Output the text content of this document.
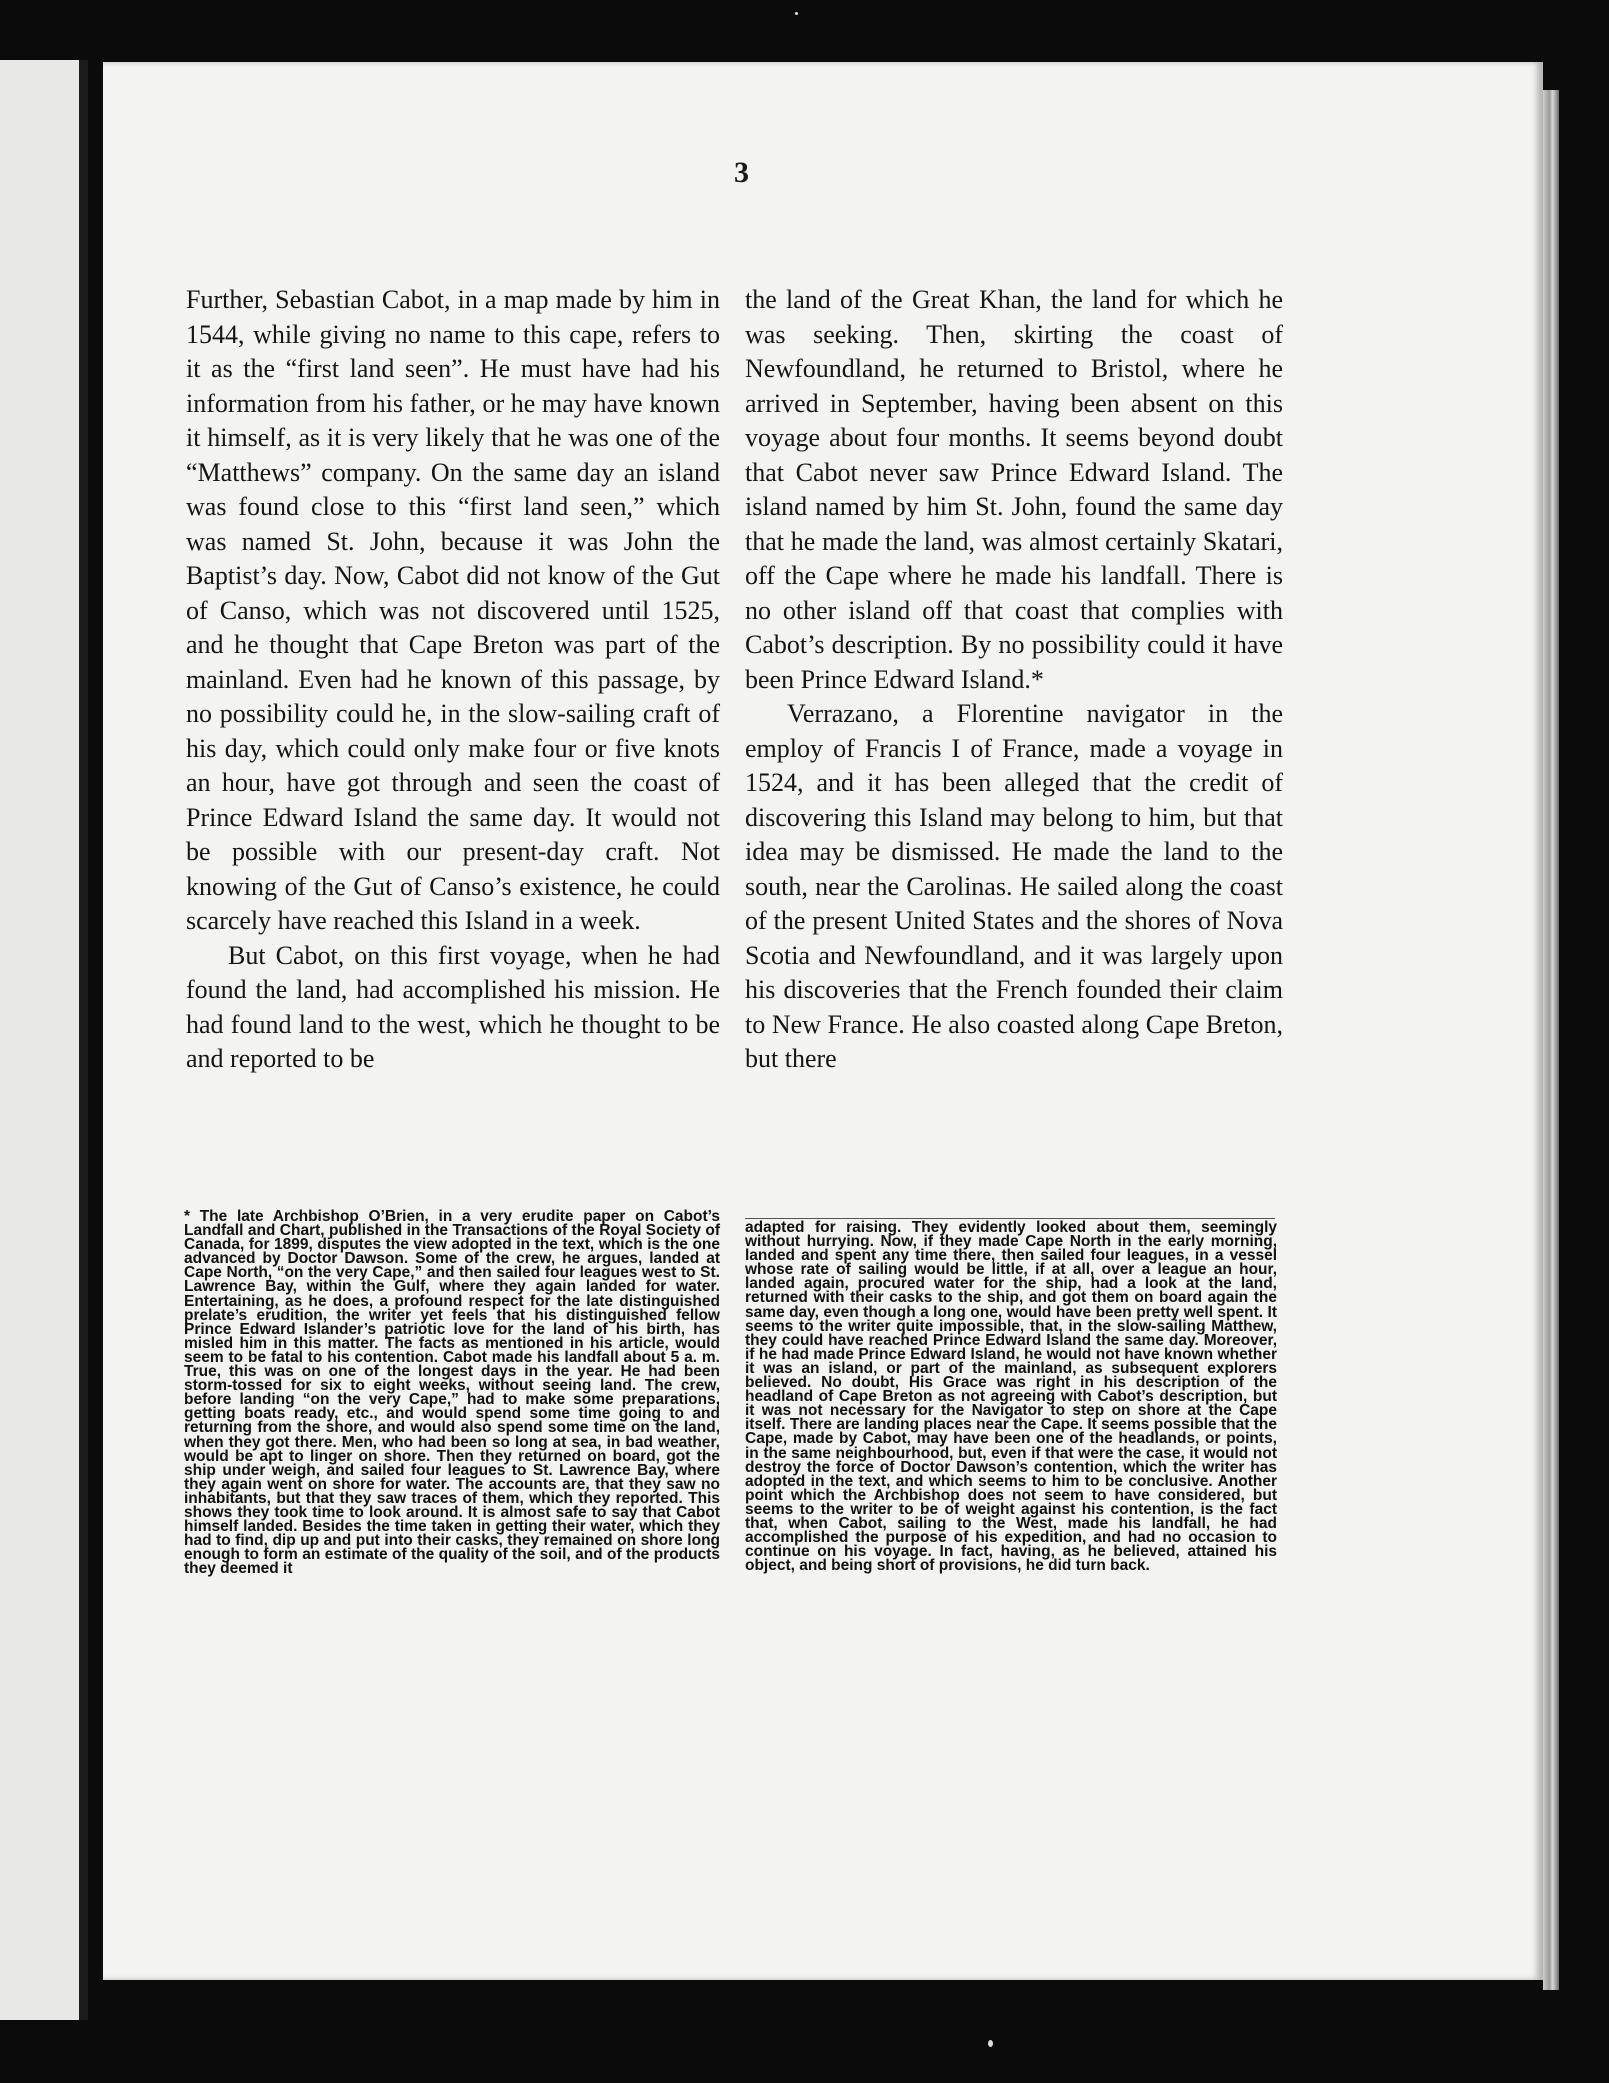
3

Further, Sebastian Cabot, in a map made by him in 1544, while giving no name to this cape, refers to it as the “first land seen”. He must have had his information from his father, or he may have known it himself, as it is very likely that he was one of the “Matthews” company. On the same day an island was found close to this “first land seen,” which was named St. John, because it was John the Baptist’s day. Now, Cabot did not know of the Gut of Canso, which was not discovered until 1525, and he thought that Cape Breton was part of the mainland. Even had he known of this passage, by no possibility could he, in the slow-sailing craft of his day, which could only make four or five knots an hour, have got through and seen the coast of Prince Edward Island the same day. It would not be possible with our present-day craft. Not knowing of the Gut of Canso’s existence, he could scarcely have reached this Island in a week.

But Cabot, on this first voyage, when he had found the land, had accomplished his mission. He had found land to the west, which he thought to be and reported to be

the land of the Great Khan, the land for which he was seeking. Then, skirting the coast of Newfoundland, he returned to Bristol, where he arrived in September, having been absent on this voyage about four months. It seems beyond doubt that Cabot never saw Prince Edward Island. The island named by him St. John, found the same day that he made the land, was almost certainly Skatari, off the Cape where he made his landfall. There is no other island off that coast that complies with Cabot’s description. By no possibility could it have been Prince Edward Island.*

Verrazano, a Florentine navigator in the employ of Francis I of France, made a voyage in 1524, and it has been alleged that the credit of discovering this Island may belong to him, but that idea may be dismissed. He made the land to the south, near the Carolinas. He sailed along the coast of the present United States and the shores of Nova Scotia and Newfoundland, and it was largely upon his discoveries that the French founded their claim to New France. He also coasted along Cape Breton, but there

* The late Archbishop O’Brien, in a very erudite paper on Cabot’s Landfall and Chart, published in the Transactions of the Royal Society of Canada, for 1899, disputes the view adopted in the text, which is the one advanced by Doctor Dawson. Some of the crew, he argues, landed at Cape North, “on the very Cape,” and then sailed four leagues west to St. Lawrence Bay, within the Gulf, where they again landed for water. Entertaining, as he does, a profound respect for the late distinguished prelate’s erudition, the writer yet feels that his distinguished fellow Prince Edward Islander’s patriotic love for the land of his birth, has misled him in this matter. The facts as mentioned in his article, would seem to be fatal to his contention. Cabot made his landfall about 5 a. m. True, this was on one of the longest days in the year. He had been storm-tossed for six to eight weeks, without seeing land. The crew, before landing “on the very Cape,” had to make some preparations, getting boats ready, etc., and would spend some time going to and returning from the shore, and would also spend some time on the land, when they got there. Men, who had been so long at sea, in bad weather, would be apt to linger on shore. Then they returned on board, got the ship under weigh, and sailed four leagues to St. Lawrence Bay, where they again went on shore for water. The accounts are, that they saw no inhabitants, but that they saw traces of them, which they reported. This shows they took time to look around. It is almost safe to say that Cabot himself landed. Besides the time taken in getting their water, which they had to find, dip up and put into their casks, they remained on shore long enough to form an estimate of the quality of the soil, and of the products they deemed it

adapted for raising. They evidently looked about them, seemingly without hurrying. Now, if they made Cape North in the early morning, landed and spent any time there, then sailed four leagues, in a vessel whose rate of sailing would be little, if at all, over a league an hour, landed again, procured water for the ship, had a look at the land, returned with their casks to the ship, and got them on board again the same day, even though a long one, would have been pretty well spent. It seems to the writer quite impossible, that, in the slow-sailing Matthew, they could have reached Prince Edward Island the same day. Moreover, if he had made Prince Edward Island, he would not have known whether it was an island, or part of the mainland, as subsequent explorers believed. No doubt, His Grace was right in his description of the headland of Cape Breton as not agreeing with Cabot’s description, but it was not necessary for the Navigator to step on shore at the Cape itself. There are landing places near the Cape. It seems possible that the Cape, made by Cabot, may have been one of the headlands, or points, in the same neighbourhood, but, even if that were the case, it would not destroy the force of Doctor Dawson’s contention, which the writer has adopted in the text, and which seems to him to be conclusive. Another point which the Archbishop does not seem to have considered, but seems to the writer to be of weight against his contention, is the fact that, when Cabot, sailing to the West, made his landfall, he had accomplished the purpose of his expedition, and had no occasion to continue on his voyage. In fact, having, as he believed, attained his object, and being short of provisions, he did turn back.
